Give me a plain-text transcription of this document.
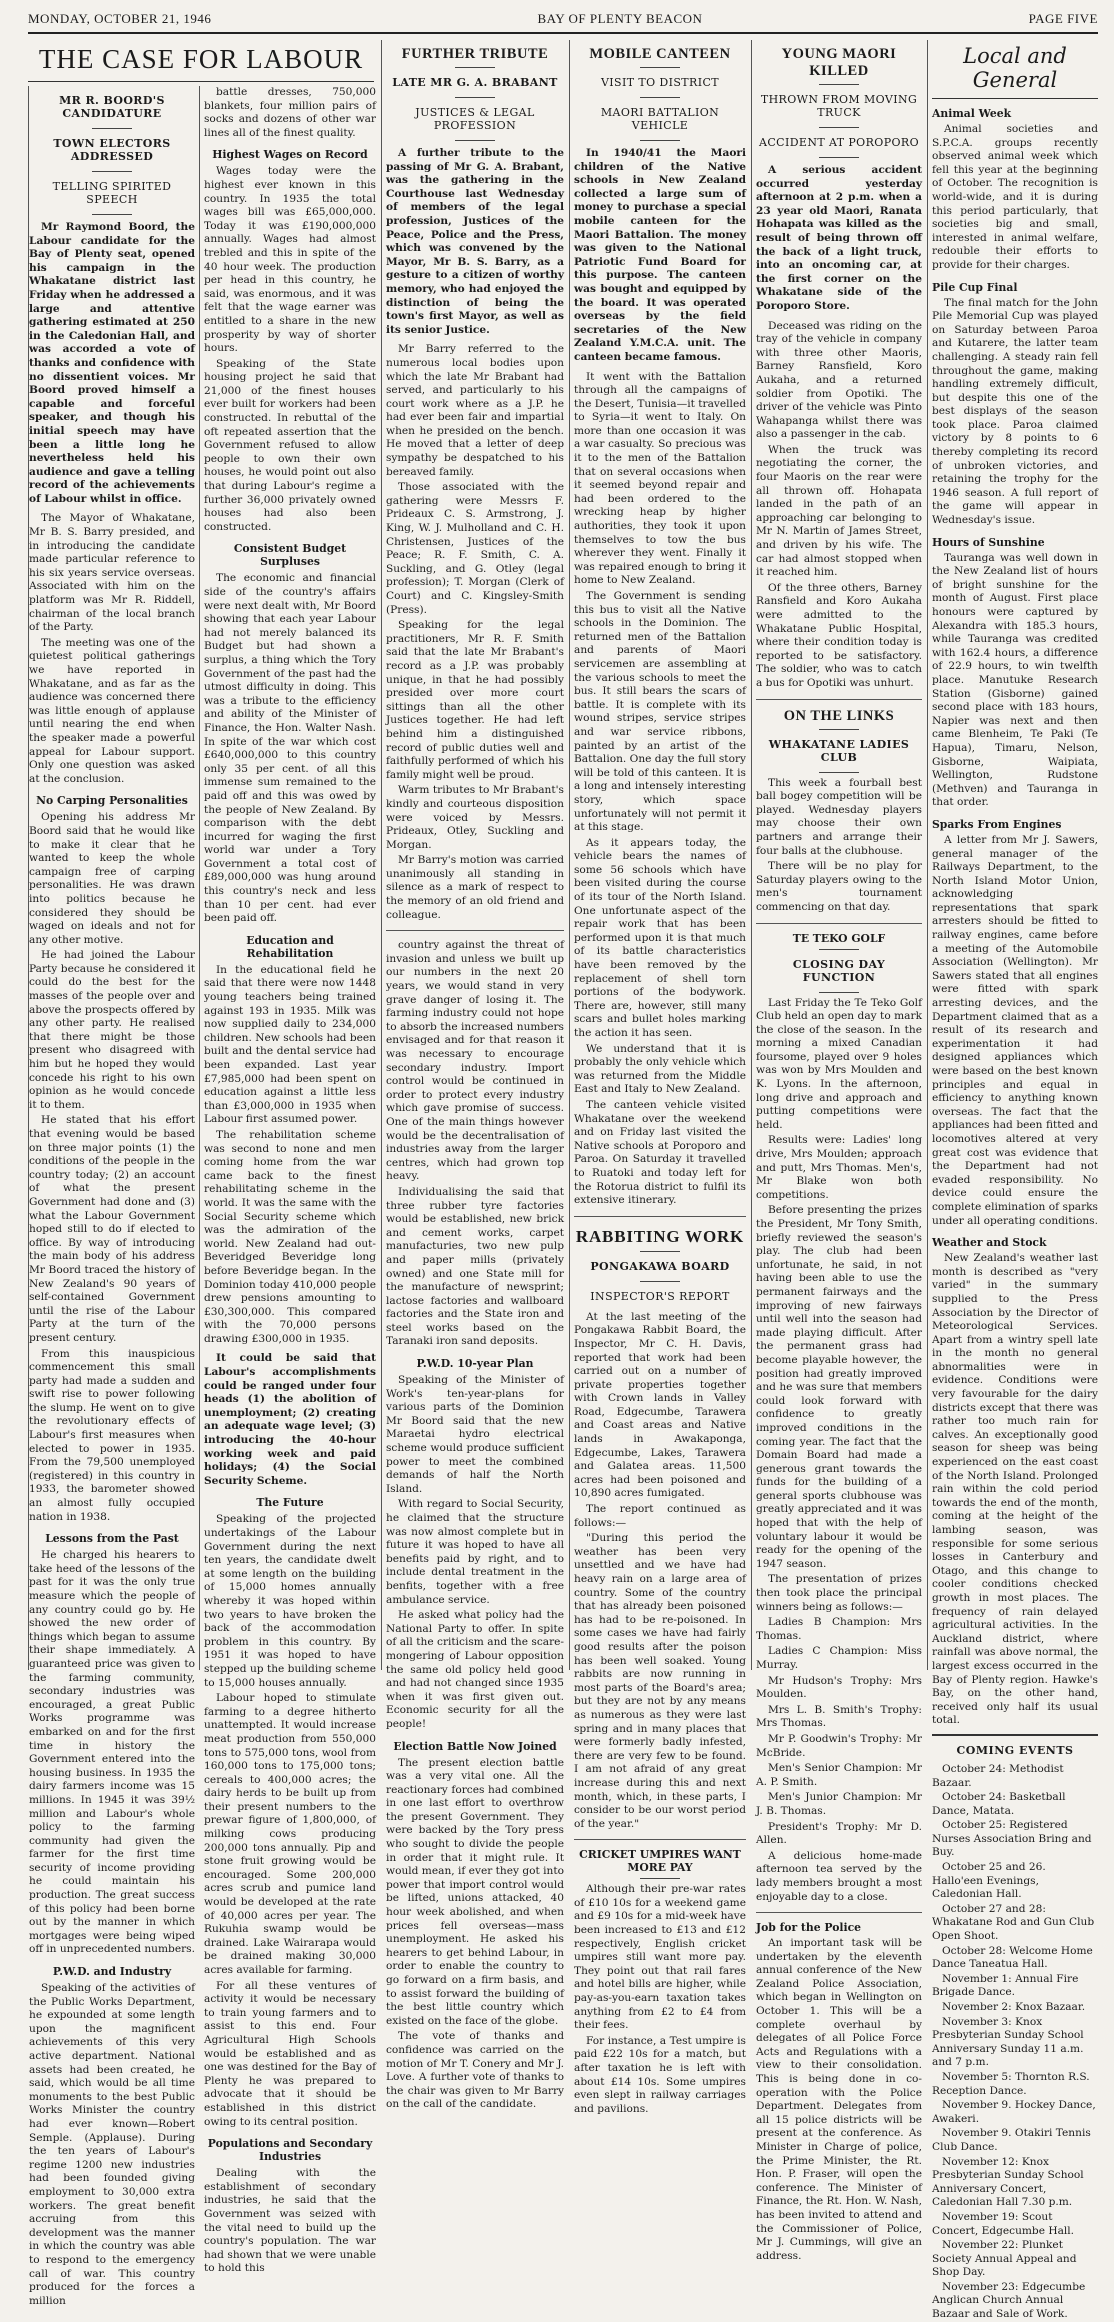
MONDAY, OCTOBER 21, 1946	BAY OF PLENTY BEACON	PAGE FIVE
THE CASE FOR LABOUR
MR R. BOORD'S CANDIDATURE
TOWN ELECTORS ADDRESSED
TELLING SPIRITED SPEECH
Mr Raymond Boord, the Labour candidate for the Bay of Plenty seat, opened his campaign in the Whakatane district last Friday when he addressed a large and attentive gathering estimated at 250 in the Caledonian Hall, and was accorded a vote of thanks and confidence with no dissentient voices. Mr Boord proved himself a capable and forceful speaker, and though his initial speech may have been a little long he nevertheless held his audience and gave a telling record of the achievements of Labour whilst in office.

The Mayor of Whakatane, Mr B. S. Barry presided, and in introducing the candidate made particular reference to his six years service overseas. Associated with him on the platform was Mr R. Riddell, chairman of the local branch of the Party.

The meeting was one of the quietest political gatherings we have reported in Whakatane, and as far as the audience was concerned there was little enough of applause until nearing the end when the speaker made a powerful appeal for Labour support. Only one question was asked at the conclusion.

No Carping Personalities

Opening his address Mr Boord said that he would like to make it clear that he wanted to keep the whole campaign free of carping personalities. He was drawn into politics because he considered they should be waged on ideals and not for any other motive.

He had joined the Labour Party because he considered it could do the best for the masses of the people over and above the prospects offered by any other party. He realised that there might be those present who disagreed with him but he hoped they would concede his right to his own opinion as he would concede it to them.

He stated that his effort that evening would be based on three major points (1) the conditions of the people in the country today; (2) an account of what the present Government had done and (3) what the Labour Government hoped still to do if elected to office. By way of introducing the main body of his address Mr Boord traced the history of New Zealand's 90 years of self-contained Government until the rise of the Labour Party at the turn of the present century.

From this inauspicious commencement this small party had made a sudden and swift rise to power following the slump. He went on to give the revolutionary effects of Labour's first measures when elected to power in 1935. From the 79,500 unemployed (registered) in this country in 1933, the barometer showed an almost fully occupied nation in 1938.

Lessons from the Past

He charged his hearers to take heed of the lessons of the past for it was the only true measure which the people of any country could go by. He showed the new order of things which began to assume their shape immediately. A guaranteed price was given to the farming community, secondary industries was encouraged, a great Public Works programme was embarked on and for the first time in history the Government entered into the housing business. In 1935 the dairy farmers income was 15 millions. In 1945 it was 39½ million and Labour's whole policy to the farming community had given the farmer for the first time security of income providing he could maintain his production. The great success of this policy had been borne out by the manner in which mortgages were being wiped off in unprecedented numbers.

P.W.D. and Industry

Speaking of the activities of the Public Works Department, he expounded at some length upon the magnificent achievements of this very active department. National assets had been created, he said, which would be all time monuments to the best Public Works Minister the country had ever known—Robert Semple. (Applause). During the ten years of Labour's regime 1200 new industries had been founded giving employment to 30,000 extra workers. The great benefit accruing from this development was the manner in which the country was able to respond to the emergency call of war. This country produced for the forces a million

battle dresses, 750,000 blankets, four million pairs of socks and dozens of other war lines all of the finest quality.

Highest Wages on Record

Wages today were the highest ever known in this country. In 1935 the total wages bill was £65,000,000. Today it was £190,000,000 annually. Wages had almost trebled and this in spite of the 40 hour week. The production per head in this country, he said, was enormous, and it was felt that the wage earner was entitled to a share in the new prosperity by way of shorter hours.

Speaking of the State housing project he said that 21,000 of the finest houses ever built for workers had been constructed. In rebuttal of the oft repeated assertion that the Government refused to allow people to own their own houses, he would point out also that during Labour's regime a further 36,000 privately owned houses had also been constructed.

Consistent Budget Surpluses

The economic and financial side of the country's affairs were next dealt with, Mr Boord showing that each year Labour had not merely balanced its Budget but had shown a surplus, a thing which the Tory Government of the past had the utmost difficulty in doing. This was a tribute to the efficiency and ability of the Minister of Finance, the Hon. Walter Nash. In spite of the war which cost £640,000,000 to this country only 35 per cent. of all this immense sum remained to the paid off and this was owed by the people of New Zealand. By comparison with the debt incurred for waging the first world war under a Tory Government a total cost of £89,000,000 was hung around this country's neck and less than 10 per cent. had ever been paid off.

Education and Rehabilitation

In the educational field he said that there were now 1448 young teachers being trained against 193 in 1935. Milk was now supplied daily to 234,000 children. New schools had been built and the dental service had been expanded. Last year £7,985,000 had been spent on education against a little less than £3,000,000 in 1935 when Labour first assumed power.

The rehabilitation scheme was second to none and men coming home from the war came back to the finest rehabilitating scheme in the world. It was the same with the Social Security scheme which was the admiration of the world. New Zealand had out-Beveridged Beveridge long before Beveridge began. In the Dominion today 410,000 people drew pensions amounting to £30,300,000. This compared with the 70,000 persons drawing £300,000 in 1935.

It could be said that Labour's accomplishments could be ranged under four heads (1) the abolition of unemployment; (2) creating an adequate wage level; (3) introducing the 40-hour working week and paid holidays; (4) the Social Security Scheme.
The Future

Speaking of the projected undertakings of the Labour Government during the next ten years, the candidate dwelt at some length on the building of 15,000 homes annually whereby it was hoped within two years to have broken the back of the accommodation problem in this country. By 1951 it was hoped to have stepped up the building scheme to 15,000 houses annually.

Labour hoped to stimulate farming to a degree hitherto unattempted. It would increase meat production from 550,000 tons to 575,000 tons, wool from 160,000 tons to 175,000 tons; cereals to 400,000 acres; the dairy herds to be built up from their present numbers to the prewar figure of 1,800,000, of milking cows producing 200,000 tons annually. Pip and stone fruit growing would be encouraged. Some 200,000 acres scrub and pumice land would be developed at the rate of 40,000 acres per year. The Rukuhia swamp would be drained. Lake Wairarapa would be drained making 30,000 acres available for farming.

For all these ventures of activity it would be necessary to train young farmers and to assist to this end. Four Agricultural High Schools would be established and as one was destined for the Bay of Plenty he was prepared to advocate that it should be established in this district owing to its central position.

Populations and Secondary Industries

Dealing with the establishment of secondary industries, he said that the Government was seized with the vital need to build up the country's population. The war had shown that we were unable to hold this

FURTHER TRIBUTE
LATE MR G. A. BRABANT
JUSTICES & LEGAL PROFESSION
A further tribute to the passing of Mr G. A. Brabant, was the gathering in the Courthouse last Wednesday of members of the legal profession, Justices of the Peace, Police and the Press, which was convened by the Mayor, Mr B. S. Barry, as a gesture to a citizen of worthy memory, who had enjoyed the distinction of being the town's first Mayor, as well as its senior Justice.

Mr Barry referred to the numerous local bodies upon which the late Mr Brabant had served, and particularly to his court work where as a J.P. he had ever been fair and impartial when he presided on the bench. He moved that a letter of deep sympathy be despatched to his bereaved family.

Those associated with the gathering were Messrs F. Prideaux C. S. Armstrong, J. King, W. J. Mulholland and C. H. Christensen, Justices of the Peace; R. F. Smith, C. A. Suckling, and G. Otley (legal profession); T. Morgan (Clerk of Court) and C. Kingsley-Smith (Press).

Speaking for the legal practitioners, Mr R. F. Smith said that the late Mr Brabant's record as a J.P. was probably unique, in that he had possibly presided over more court sittings than all the other Justices together. He had left behind him a distinguished record of public duties well and faithfully performed of which his family might well be proud.

Warm tributes to Mr Brabant's kindly and courteous disposition were voiced by Messrs. Prideaux, Otley, Suckling and Morgan.

Mr Barry's motion was carried unanimously all standing in silence as a mark of respect to the memory of an old friend and colleague.

country against the threat of invasion and unless we built up our numbers in the next 20 years, we would stand in very grave danger of losing it. The farming industry could not hope to absorb the increased numbers envisaged and for that reason it was necessary to encourage secondary industry. Import control would be continued in order to protect every industry which gave promise of success. One of the main things however would be the decentralisation of industries away from the larger centres, which had grown top heavy.

Individualising the said that three rubber tyre factories would be established, new brick and cement works, carpet manufacturies, two new pulp and paper mills (privately owned) and one State mill for the manufacture of newsprint; lactose factories and wallboard factories and the State iron and steel works based on the Taranaki iron sand deposits.

P.W.D. 10-year Plan

Speaking of the Minister of Work's ten-year-plans for various parts of the Dominion Mr Boord said that the new Maraetai hydro electrical scheme would produce sufficient power to meet the combined demands of half the North Island.

With regard to Social Security, he claimed that the structure was now almost complete but in future it was hoped to have all benefits paid by right, and to include dental treatment in the benfits, together with a free ambulance service.

He asked what policy had the National Party to offer. In spite of all the criticism and the scare-mongering of Labour opposition the same old policy held good and had not changed since 1935 when it was first given out. Economic security for all the people!

Election Battle Now Joined

The present election battle was a very vital one. All the reactionary forces had combined in one last effort to overthrow the present Government. They were backed by the Tory press who sought to divide the people in order that it might rule. It would mean, if ever they got into power that import control would be lifted, unions attacked, 40 hour week abolished, and when prices fell overseas—mass unemployment. He asked his hearers to get behind Labour, in order to enable the country to go forward on a firm basis, and to assist forward the building of the best little country which existed on the face of the globe.

The vote of thanks and confidence was carried on the motion of Mr T. Conery and Mr J. Love. A further vote of thanks to the chair was given to Mr Barry on the call of the candidate.

MOBILE CANTEEN
VISIT TO DISTRICT
MAORI BATTALION VEHICLE
In 1940/41 the Maori children of the Native schools in New Zealand collected a large sum of money to purchase a special mobile canteen for the Maori Battalion. The money was given to the National Patriotic Fund Board for this purpose. The canteen was bought and equipped by the board. It was operated overseas by the field secretaries of the New Zealand Y.M.C.A. unit. The canteen became famous.

It went with the Battalion through all the campaigns of the Desert, Tunisia—it travelled to Syria—it went to Italy. On more than one occasion it was a war casualty. So precious was it to the men of the Battalion that on several occasions when it seemed beyond repair and had been ordered to the wrecking heap by higher authorities, they took it upon themselves to tow the bus wherever they went. Finally it was repaired enough to bring it home to New Zealand.

The Government is sending this bus to visit all the Native schools in the Dominion. The returned men of the Battalion and parents of Maori servicemen are assembling at the various schools to meet the bus. It still bears the scars of battle. It is complete with its wound stripes, service stripes and war service ribbons, painted by an artist of the Battalion. One day the full story will be told of this canteen. It is a long and intensely interesting story, which space unfortunately will not permit it at this stage.

As it appears today, the vehicle bears the names of some 56 schools which have been visited during the course of its tour of the North Island. One unfortunate aspect of the repair work that has been performed upon it is that much of its battle characteristics have been removed by the replacement of shell torn portions of the bodywork. There are, however, still many scars and bullet holes marking the action it has seen.

We understand that it is probably the only vehicle which was returned from the Middle East and Italy to New Zealand.

The canteen vehicle visited Whakatane over the weekend and on Friday last visited the Native schools at Poroporo and Paroa. On Saturday it travelled to Ruatoki and today left for the Rotorua district to fulfil its extensive itinerary.

RABBITING WORK
PONGAKAWA BOARD
INSPECTOR'S REPORT

At the last meeting of the Pongakawa Rabbit Board, the Inspector, Mr C. H. Davis, reported that work had been carried out on a number of private properties together with Crown lands in Valley Road, Edgecumbe, Tarawera and Coast areas and Native lands in Awakaponga, Edgecumbe, Lakes, Tarawera and Galatea areas. 11,500 acres had been poisoned and 10,890 acres fumigated.

The report continued as follows:—

"During this period the weather has been very unsettled and we have had heavy rain on a large area of country. Some of the country that has already been poisoned has had to be re-poisoned. In some cases we have had fairly good results after the poison has been well soaked. Young rabbits are now running in most parts of the Board's area; but they are not by any means as numerous as they were last spring and in many places that were formerly badly infested, there are very few to be found. I am not afraid of any great increase during this and next month, which, in these parts, I consider to be our worst period of the year."

CRICKET UMPIRES WANT MORE PAY

Although their pre-war rates of £10 10s for a weekend game and £9 10s for a mid-week have been increased to £13 and £12 respectively, English cricket umpires still want more pay. They point out that rail fares and hotel bills are higher, while pay-as-you-earn taxation takes anything from £2 to £4 from their fees.

For instance, a Test umpire is paid £22 10s for a match, but after taxation he is left with about £14 10s. Some umpires even slept in railway carriages and pavilions.

YOUNG MAORI KILLED
THROWN FROM MOVING TRUCK
ACCIDENT AT POROPORO
A serious accident occurred yesterday afternoon at 2 p.m. when a 23 year old Maori, Ranata Hohapata was killed as the result of being thrown off the back of a light truck, into an oncoming car, at the first corner on the Whakatane side of the Poroporo Store.

Deceased was riding on the tray of the vehicle in company with three other Maoris, Barney Ransfield, Koro Aukaha, and a returned soldier from Opotiki. The driver of the vehicle was Pinto Wahapanga whilst there was also a passenger in the cab.

When the truck was negotiating the corner, the four Maoris on the rear were all thrown off. Hohapata landed in the path of an approaching car belonging to Mr N. Martin of James Street, and driven by his wife. The car had almost stopped when it reached him.

Of the three others, Barney Ransfield and Koro Aukaha were admitted to the Whakatane Public Hospital, where their condition today is reported to be satisfactory. The soldier, who was to catch a bus for Opotiki was unhurt.

ON THE LINKS
WHAKATANE LADIES CLUB

This week a fourball best ball bogey competition will be played. Wednesday players may choose their own partners and arrange their four balls at the clubhouse.

There will be no play for Saturday players owing to the men's tournament commencing on that day.

TE TEKO GOLF
CLOSING DAY FUNCTION

Last Friday the Te Teko Golf Club held an open day to mark the close of the season. In the morning a mixed Canadian foursome, played over 9 holes was won by Mrs Moulden and K. Lyons. In the afternoon, long drive and approach and putting competitions were held.

Results were: Ladies' long drive, Mrs Moulden; approach and putt, Mrs Thomas. Men's, Mr Blake won both competitions.

Before presenting the prizes the President, Mr Tony Smith, briefly reviewed the season's play. The club had been unfortunate, he said, in not having been able to use the permanent fairways and the improving of new fairways until well into the season had made playing difficult. After the permanent grass had become playable however, the position had greatly improved and he was sure that members could look forward with confidence to greatly improved conditions in the coming year. The fact that the Domain Board had made a generous grant towards the funds for the building of a general sports clubhouse was greatly appreciated and it was hoped that with the help of voluntary labour it would be ready for the opening of the 1947 season.

The presentation of prizes then took place the principal winners being as follows:—

Ladies B Champion: Mrs Thomas.

Ladies C Champion: Miss Murray.

Mr Hudson's Trophy: Mrs Moulden.

Mrs L. B. Smith's Trophy: Mrs Thomas.

Mr P. Goodwin's Trophy: Mr McBride.

Men's Senior Champion: Mr A. P. Smith.

Men's Junior Champion: Mr J. B. Thomas.

President's Trophy: Mr D. Allen.

A delicious home-made afternoon tea served by the lady members brought a most enjoyable day to a close.

Job for the Police

An important task will be undertaken by the eleventh annual conference of the New Zealand Police Association, which began in Wellington on October 1. This will be a complete overhaul by delegates of all Police Force Acts and Regulations with a view to their consolidation. This is being done in co-operation with the Police Department. Delegates from all 15 police districts will be present at the conference. As Minister in Charge of police, the Prime Minister, the Rt. Hon. P. Fraser, will open the conference. The Minister of Finance, the Rt. Hon. W. Nash, has been invited to attend and the Commissioner of Police, Mr J. Cummings, will give an address.

Local and General
Animal Week

Animal societies and S.P.C.A. groups recently observed animal week which fell this year at the beginning of October. The recognition is world-wide, and it is during this period particularly, that societies big and small, interested in animal welfare, redouble their efforts to provide for their charges.

Pile Cup Final

The final match for the John Pile Memorial Cup was played on Saturday between Paroa and Kutarere, the latter team challenging. A steady rain fell throughout the game, making handling extremely difficult, but despite this one of the best displays of the season took place. Paroa claimed victory by 8 points to 6 thereby completing its record of unbroken victories, and retaining the trophy for the 1946 season. A full report of the game will appear in Wednesday's issue.

Hours of Sunshine

Tauranga was well down in the New Zealand list of hours of bright sunshine for the month of August. First place honours were captured by Alexandra with 185.3 hours, while Tauranga was credited with 162.4 hours, a difference of 22.9 hours, to win twelfth place. Manutuke Research Station (Gisborne) gained second place with 183 hours, Napier was next and then came Blenheim, Te Paki (Te Hapua), Timaru, Nelson, Gisborne, Waipiata, Wellington, Rudstone (Methven) and Tauranga in that order.

Sparks From Engines

A letter from Mr J. Sawers, general manager of the Railways Department, to the North Island Motor Union, acknowledging representations that spark arresters should be fitted to railway engines, came before a meeting of the Automobile Association (Wellington). Mr Sawers stated that all engines were fitted with spark arresting devices, and the Department claimed that as a result of its research and experimentation it had designed appliances which were based on the best known principles and equal in efficiency to anything known overseas. The fact that the appliances had been fitted and locomotives altered at very great cost was evidence that the Department had not evaded responsibility. No device could ensure the complete elimination of sparks under all operating conditions.

Weather and Stock

New Zealand's weather last month is described as "very varied" in the summary supplied to the Press Association by the Director of Meteorological Services. Apart from a wintry spell late in the month no general abnormalities were in evidence. Conditions were very favourable for the dairy districts except that there was rather too much rain for calves. An exceptionally good season for sheep was being experienced on the east coast of the North Island. Prolonged rain within the cold period towards the end of the month, coming at the height of the lambing season, was responsible for some serious losses in Canterbury and Otago, and this change to cooler conditions checked growth in most places. The frequency of rain delayed agricultural activities. In the Auckland district, where rainfall was above normal, the largest excess occurred in the Bay of Plenty region. Hawke's Bay, on the other hand, received only half its usual total.

COMING EVENTS
October 24: Methodist Bazaar.
October 24: Basketball Dance, Matata.
October 25: Registered Nurses Association Bring and Buy.
October 25 and 26. Hallo'een Evenings, Caledonian Hall.
October 27 and 28: Whakatane Rod and Gun Club Open Shoot.
October 28: Welcome Home Dance Taneatua Hall.
November 1: Annual Fire Brigade Dance.
November 2: Knox Bazaar.
November 3: Knox Presbyterian Sunday School Anniversary Sunday 11 a.m. and 7 p.m.
November 5: Thornton R.S. Reception Dance.
November 9. Hockey Dance, Awakeri.
November 9. Otakiri Tennis Club Dance.
November 12: Knox Presbyterian Sunday School Anniversary Concert, Caledonian Hall 7.30 p.m.
November 19: Scout Concert, Edgecumbe Hall.
November 22: Plunket Society Annual Appeal and Shop Day.
November 23: Edgecumbe Anglican Church Annual Bazaar and Sale of Work.
